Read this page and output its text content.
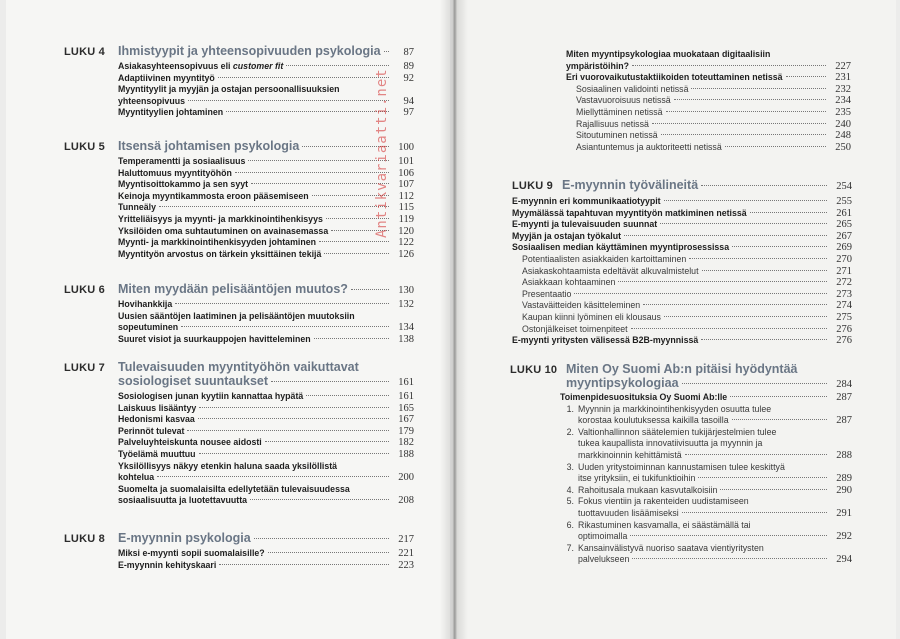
LUKU 4	Ihmistyypit ja yhteensopivuuden psykologia	87
Asiakasyhteensopivuus eli customer fit	89
Adaptiivinen myyntityö	92
Myyntityylit ja myyjän ja ostajan persoonallisuuksien
yhteensopivuus	94
Myyntityylien johtaminen	97
LUKU 5	Itsensä johtamisen psykologia	100
Temperamentti ja sosiaalisuus	101
Haluttomuus myyntityöhön	106
Myyntisoittokammo ja sen syyt	107
Keinoja myyntikammosta eroon pääsemiseen	112
Tunneäly	115
Yritteliäisyys ja myynti- ja markkinointihenkisyys	119
Yksilöiden oma suhtautuminen on avainasemassa	120
Myynti- ja markkinointihenkisyyden johtaminen	122
Myyntityön arvostus on tärkein yksittäinen tekijä	126
LUKU 6	Miten myydään pelisääntöjen muutos?	130
Hovihankkija	132
Uusien sääntöjen laatiminen ja pelisääntöjen muutoksiin
sopeutuminen	134
Suuret visiot ja suurkauppojen havitteleminen	138
LUKU 7	Tulevaisuuden myyntityöhön vaikuttavat
sosiologiset suuntaukset	161
Sosiologisen junan kyytiin kannattaa hypätä	161
Laiskuus lisääntyy	165
Hedonismi kasvaa	167
Perinnöt tulevat	179
Palveluyhteiskunta nousee aidosti	182
Työelämä muuttuu	188
Yksilöllisyys näkyy etenkin haluna saada yksilöllistä
kohtelua	200
Suomelta ja suomalaisilta edellytetään tulevaisuudessa
sosiaalisuutta ja luotettavuutta	208
LUKU 8	E-myynnin psykologia	217
Miksi e-myynti sopii suomalaisille?	221
E-myynnin kehityskaari	223
Miten myyntipsykologiaa muokataan digitaalisiin
ympäristöihin?	227
Eri vuorovaikutustaktiikoiden toteuttaminen netissä	231
Sosiaalinen validointi netissä	232
Vastavuoroisuus netissä	234
Miellyttäminen netissä	235
Rajallisuus netissä	240
Sitoutuminen netissä	248
Asiantuntemus ja auktoriteetti netissä	250
LUKU 9 E-myynnin työvälineitä	254
E-myynnin eri kommunikaatiotyypit	255
Myymälässä tapahtuvan myyntityön matkiminen netissä	261
E-myynti ja tulevaisuuden suunnat	265
Myyjän ja ostajan työkalut	267
Sosiaalisen median käyttäminen myyntiprosessissa	269
Potentiaalisten asiakkaiden kartoittaminen	270
Asiakaskohtaamista edeltävät alkuvalmistelut	271
Asiakkaan kohtaaminen	272
Presentaatio	273
Vastaväitteiden käsitteleminen	274
Kaupan kiinni lyöminen eli klousaus	275
Ostonjälkeiset toimenpiteet	276
E-myynti yritysten välisessä B2B-myynnissä	276
LUKU 10 Miten Oy Suomi Ab:n pitäisi hyödyntää
myyntipsykologiaa	284
Toimenpidesuosituksia Oy Suomi Ab:lle	287
1. Myynnin ja markkinointihenkisyyden osuutta tulee
korostaa koulutuksessa kaikilla tasoilla	287
2. Valtionhallinnon säätelemien tukijärjestelmien tulee
tukea kaupallista innovatiivisuutta ja myynnin ja
markkinoinnin kehittämistä	288
3. Uuden yritystoiminnan kannustamisen tulee keskittyä
itse yrityksiin, ei tukifunktioihin	289
4. Rahoitusala mukaan kasvutalkoisiin	290
5. Fokus vientiin ja rakenteiden uudistamiseen
tuottavuuden lisäämiseksi	291
6. Rikastuminen kasvamalla, ei säästämällä tai
optimoimalla	292
7. Kansainvälistyvä nuoriso saatava vientiyritysten
palvelukseen	294
Antikvariaatti.net
